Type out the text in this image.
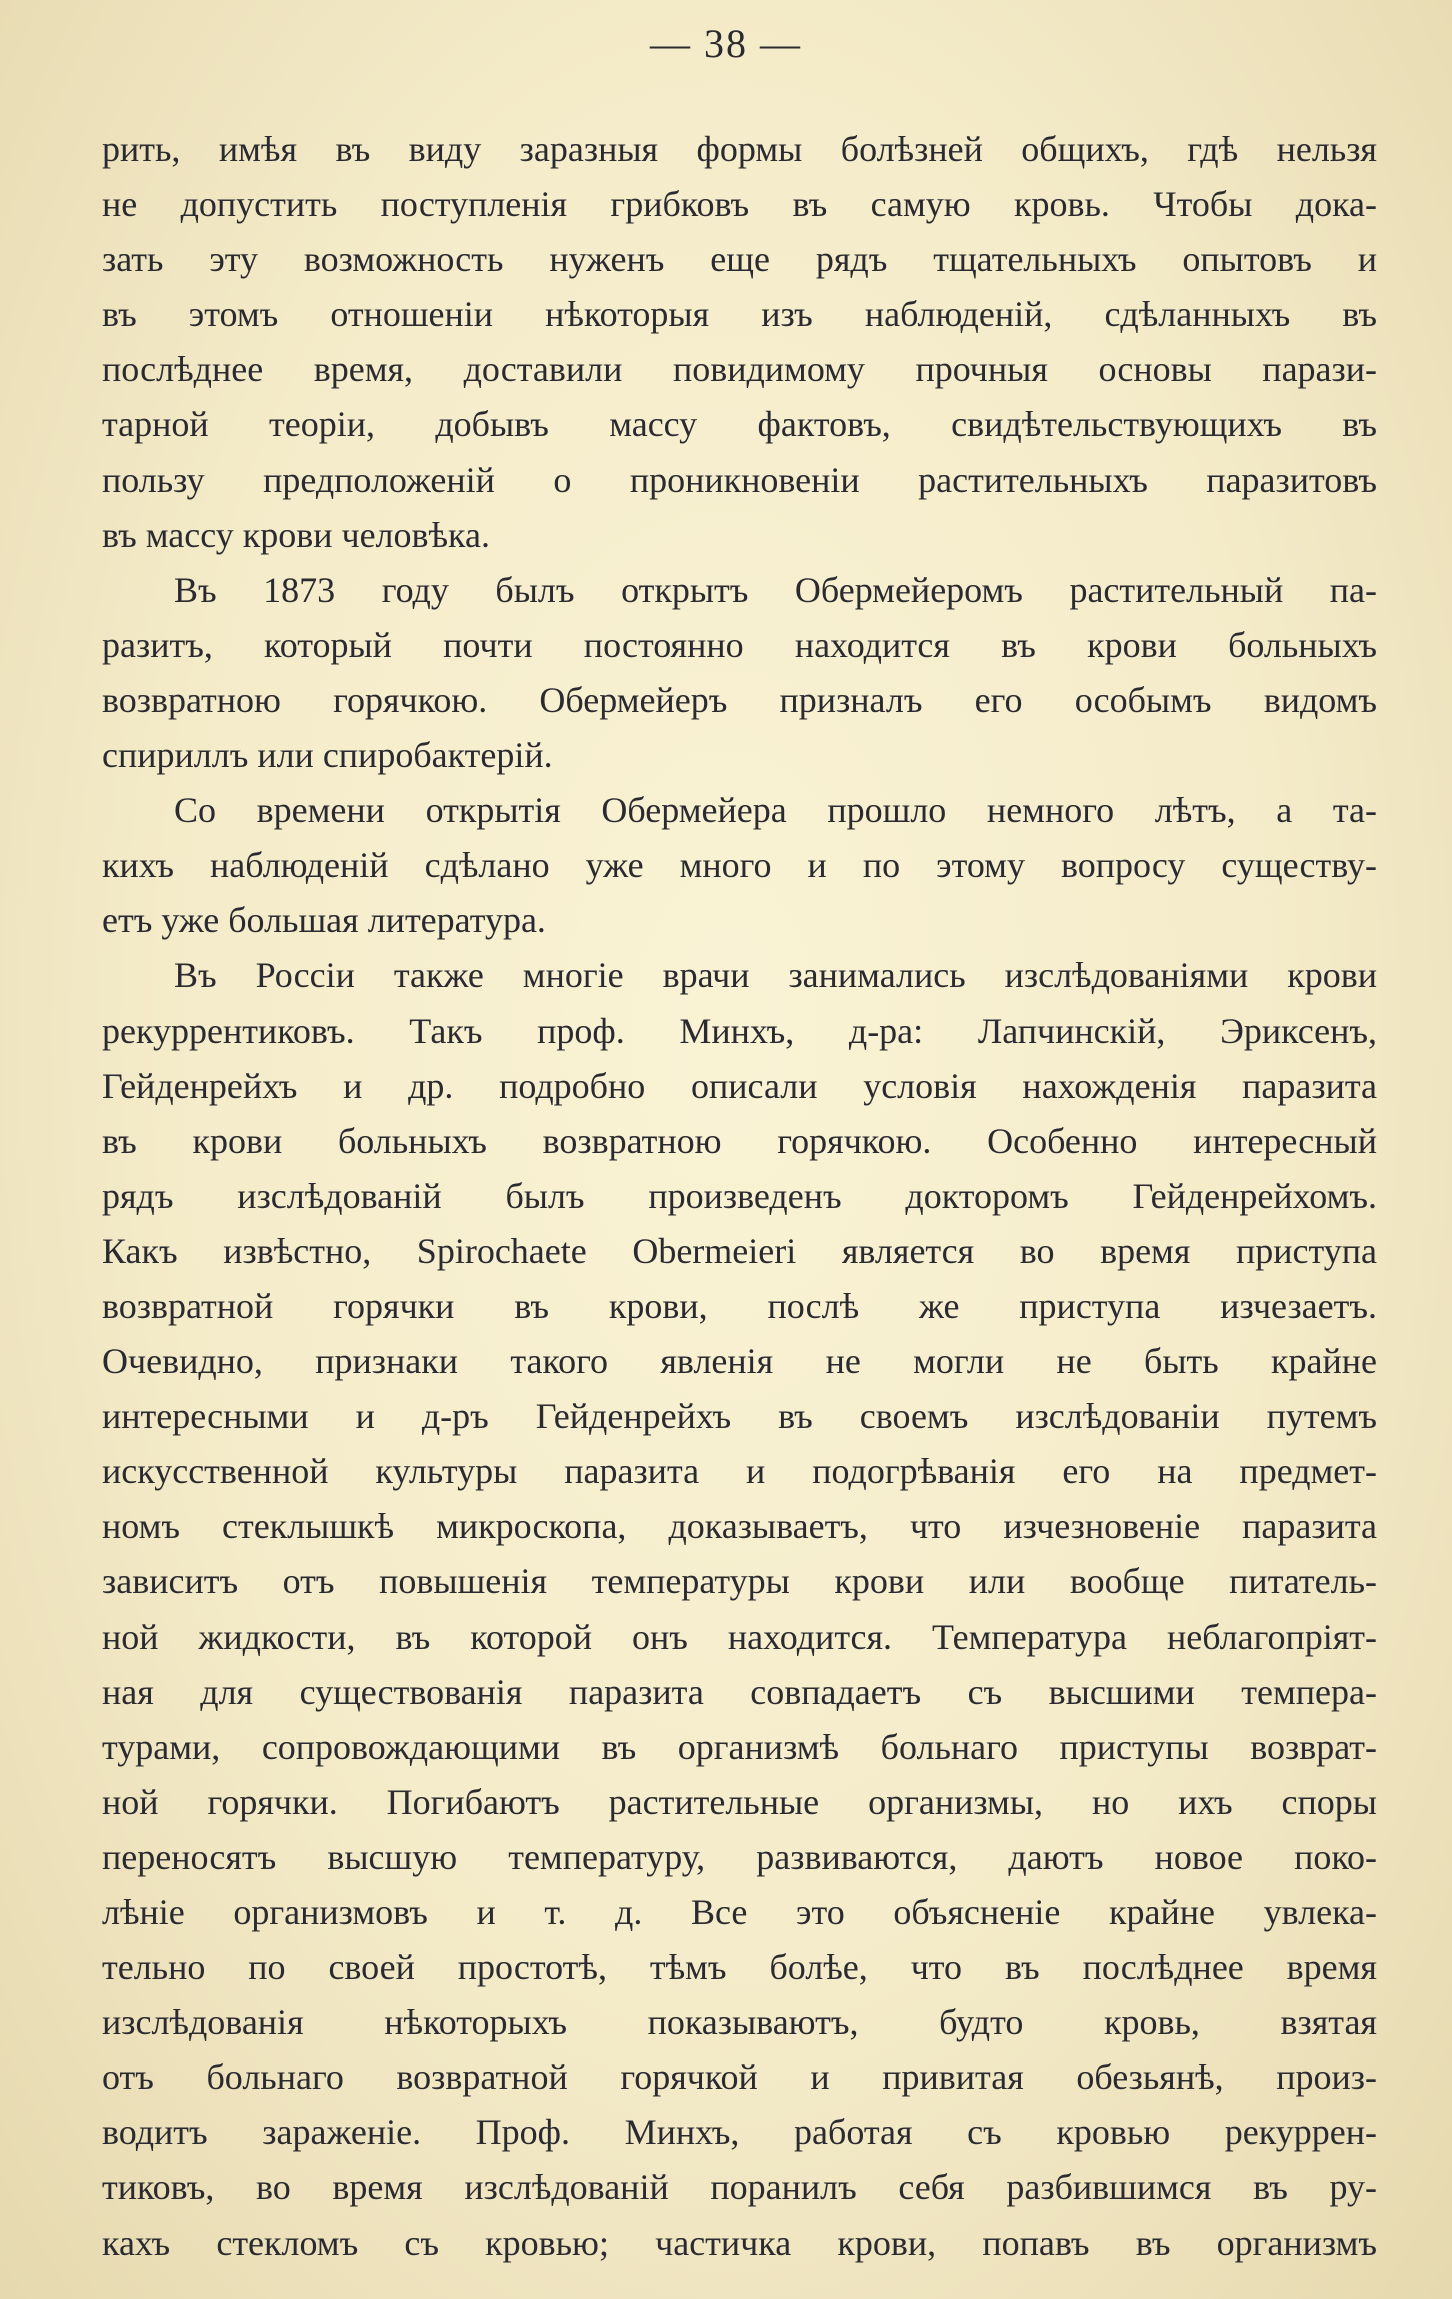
— 38 —
рить, имѣя въ виду заразныя формы болѣзней общихъ, гдѣ нельзя
не допустить поступленія грибковъ въ самую кровь. Чтобы дока-
зать эту возможность нуженъ еще рядъ тщательныхъ опытовъ и
въ этомъ отношеніи нѣкоторыя изъ наблюденій, сдѣланныхъ въ
послѣднее время, доставили повидимому прочныя основы парази-
тарной теоріи, добывъ массу фактовъ, свидѣтельствующихъ въ
пользу предположеній о проникновеніи растительныхъ паразитовъ
въ массу крови человѣка.
Въ 1873 году былъ открытъ Обермейеромъ растительный па-
разитъ, который почти постоянно находится въ крови больныхъ
возвратною горячкою. Обермейеръ призналъ его особымъ видомъ
спириллъ или спиробактерій.
Со времени открытія Обермейера прошло немного лѣтъ, а та-
кихъ наблюденій сдѣлано уже много и по этому вопросу существу-
етъ уже большая литература.
Въ Россіи также многіе врачи занимались изслѣдованіями крови
рекуррентиковъ. Такъ проф. Минхъ, д-ра: Лапчинскій, Эриксенъ,
Гейденрейхъ и др. подробно описали условія нахожденія паразита
въ крови больныхъ возвратною горячкою. Особенно интересный
рядъ изслѣдованій былъ произведенъ докторомъ Гейденрейхомъ.
Какъ извѣстно, Spirochaete Obermeieri является во время приступа
возвратной горячки въ крови, послѣ же приступа изчезаетъ.
Очевидно, признаки такого явленія не могли не быть крайне
интересными и д-ръ Гейденрейхъ въ своемъ изслѣдованіи путемъ
искусственной культуры паразита и подогрѣванія его на предмет-
номъ стеклышкѣ микроскопа, доказываетъ, что изчезновеніе паразита
зависитъ отъ повышенія температуры крови или вообще питатель-
ной жидкости, въ которой онъ находится. Температура неблагопріят-
ная для существованія паразита совпадаетъ съ высшими темпера-
турами, сопровождающими въ организмѣ больнаго приступы возврат-
ной горячки. Погибаютъ растительные организмы, но ихъ споры
переносятъ высшую температуру, развиваются, даютъ новое поко-
лѣніе организмовъ и т. д. Все это объясненіе крайне увлека-
тельно по своей простотѣ, тѣмъ болѣе, что въ послѣднее время
изслѣдованія нѣкоторыхъ показываютъ, будто кровь, взятая
отъ больнаго возвратной горячкой и привитая обезьянѣ, произ-
водитъ зараженіе. Проф. Минхъ, работая съ кровью рекуррен-
тиковъ, во время изслѣдованій поранилъ себя разбившимся въ ру-
кахъ стекломъ съ кровью; частичка крови, попавъ въ организмъ
